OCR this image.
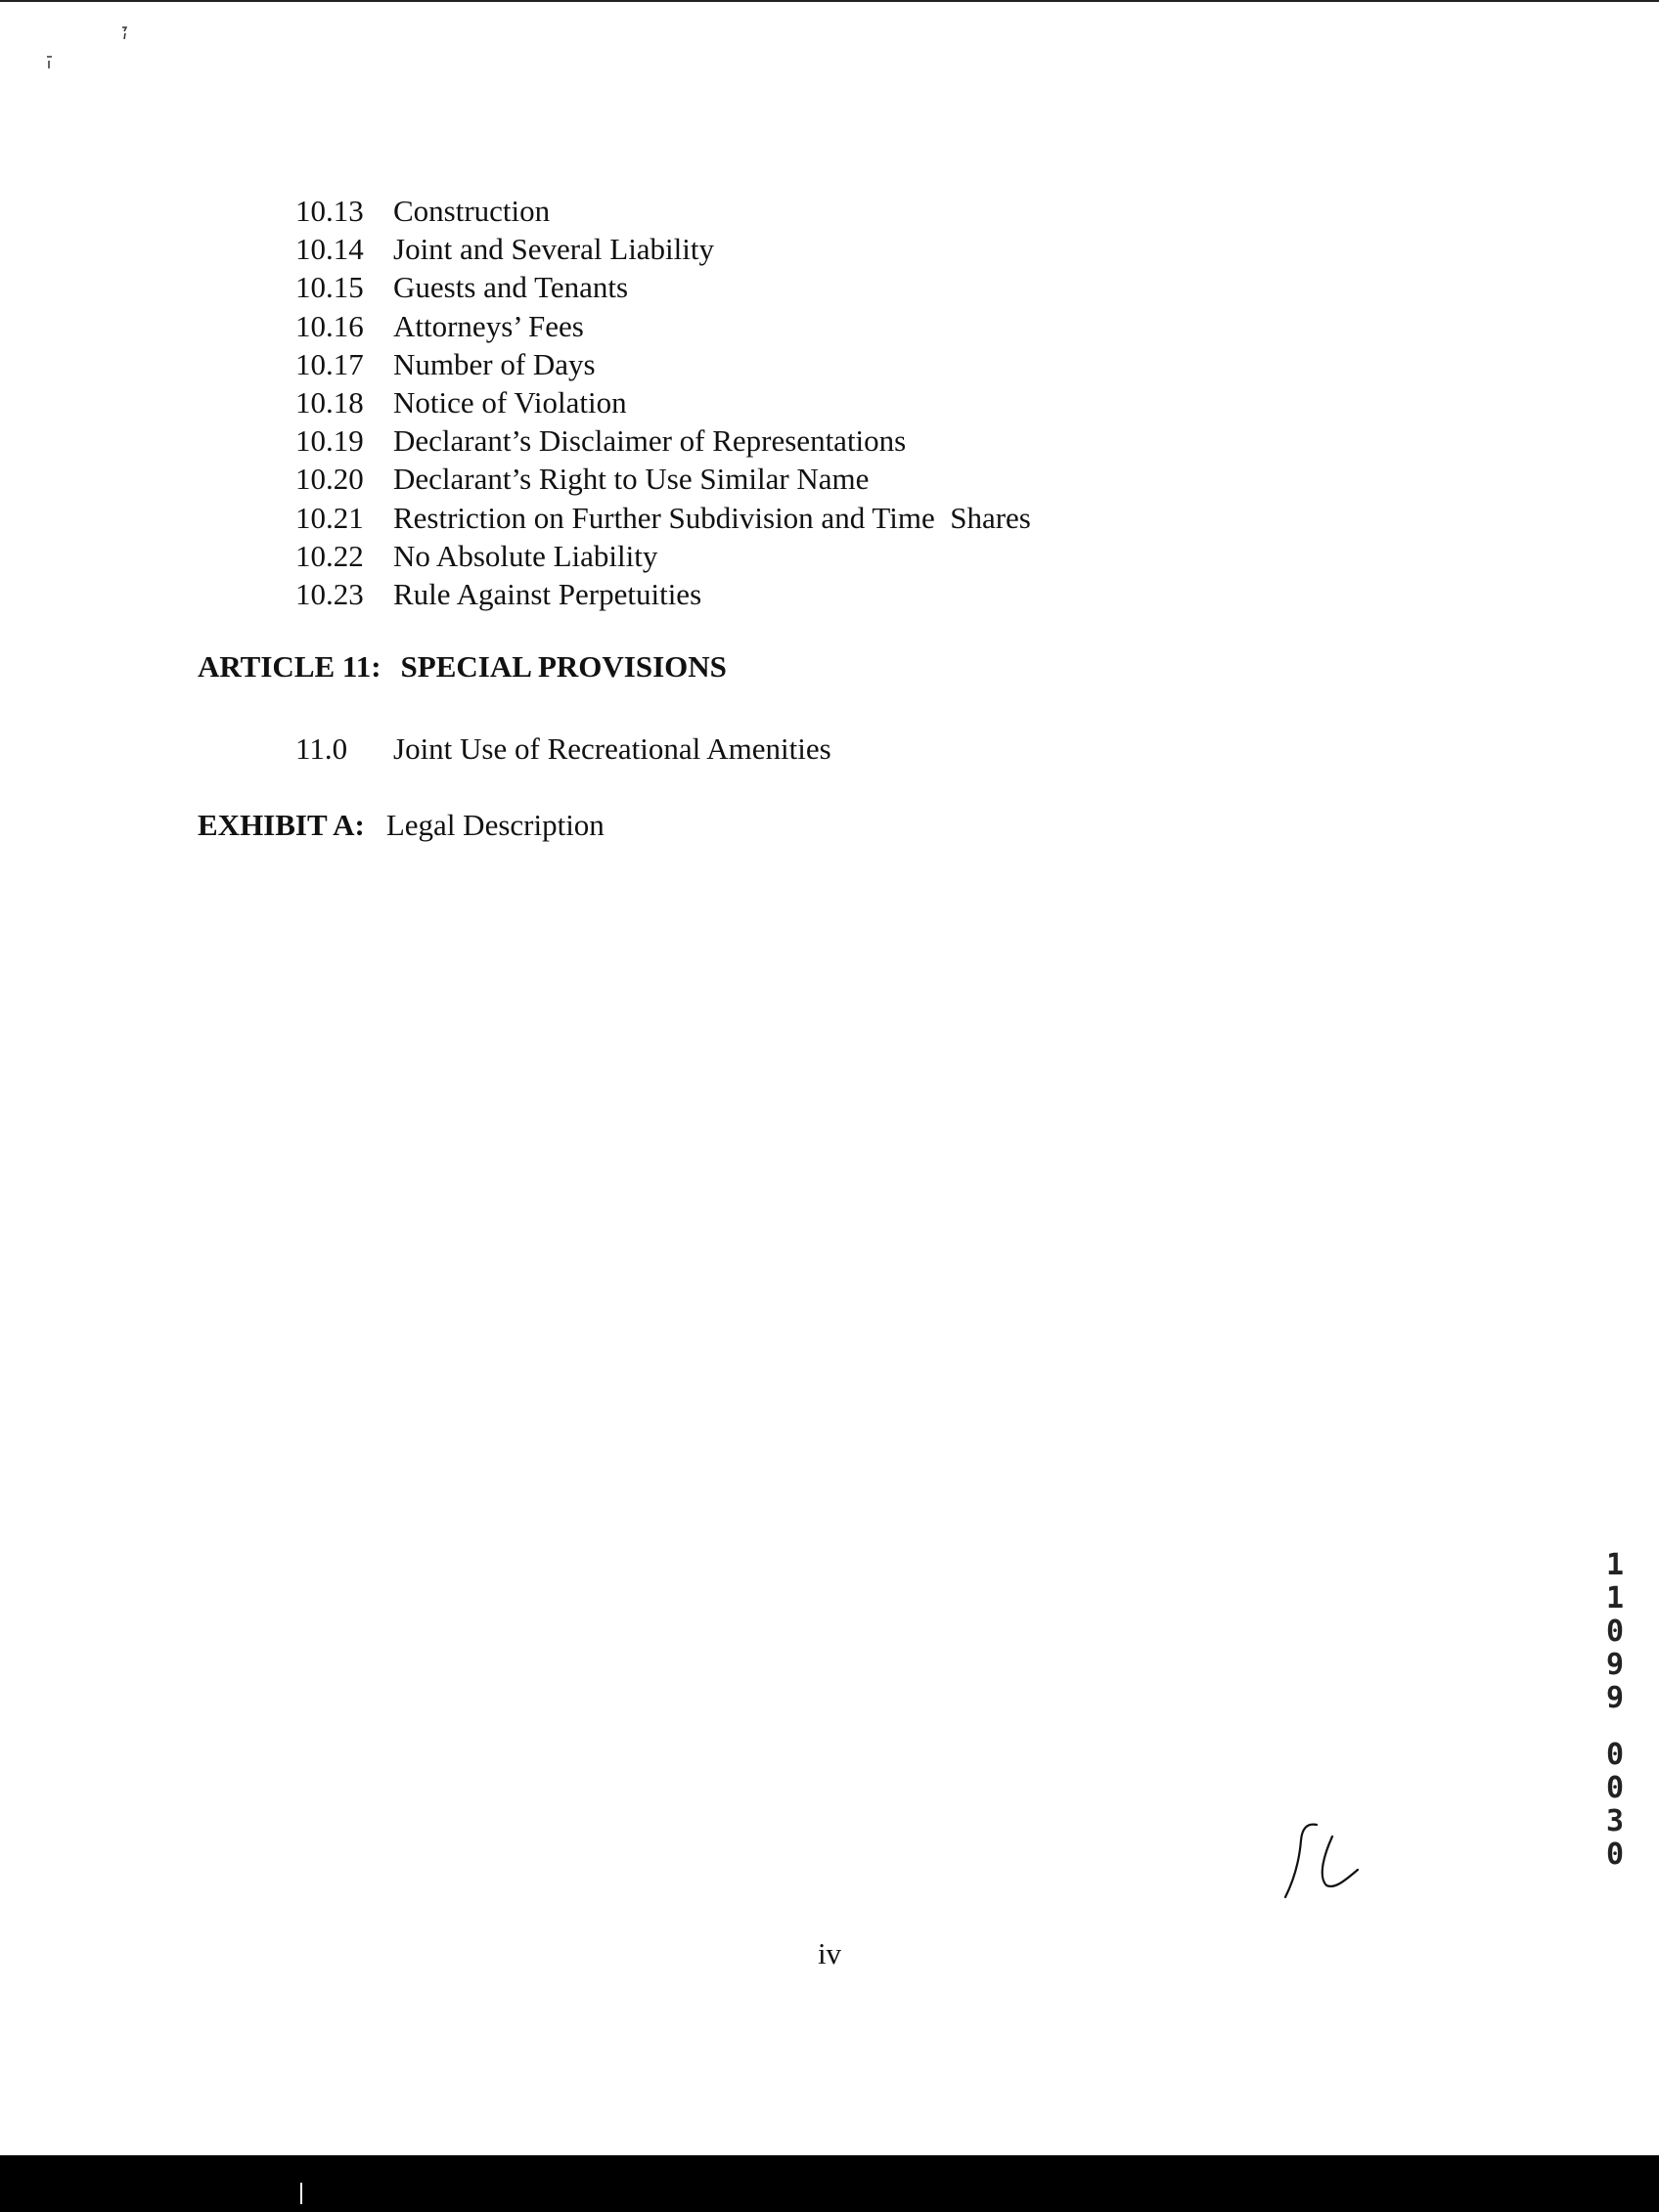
10.13 Construction
10.14 Joint and Several Liability
10.15 Guests and Tenants
10.16 Attorneys’ Fees
10.17 Number of Days
10.18 Notice of Violation
10.19 Declarant’s Disclaimer of Representations
10.20 Declarant’s Right to Use Similar Name
10.21 Restriction on Further Subdivision and Time  Shares
10.22 No Absolute Liability
10.23 Rule Against Perpetuities
ARTICLE 11: SPECIAL PROVISIONS
11.0 Joint Use of Recreational Amenities
EXHIBIT A: Legal Description
1
1
0
9
9
0
0
3
0
iv
